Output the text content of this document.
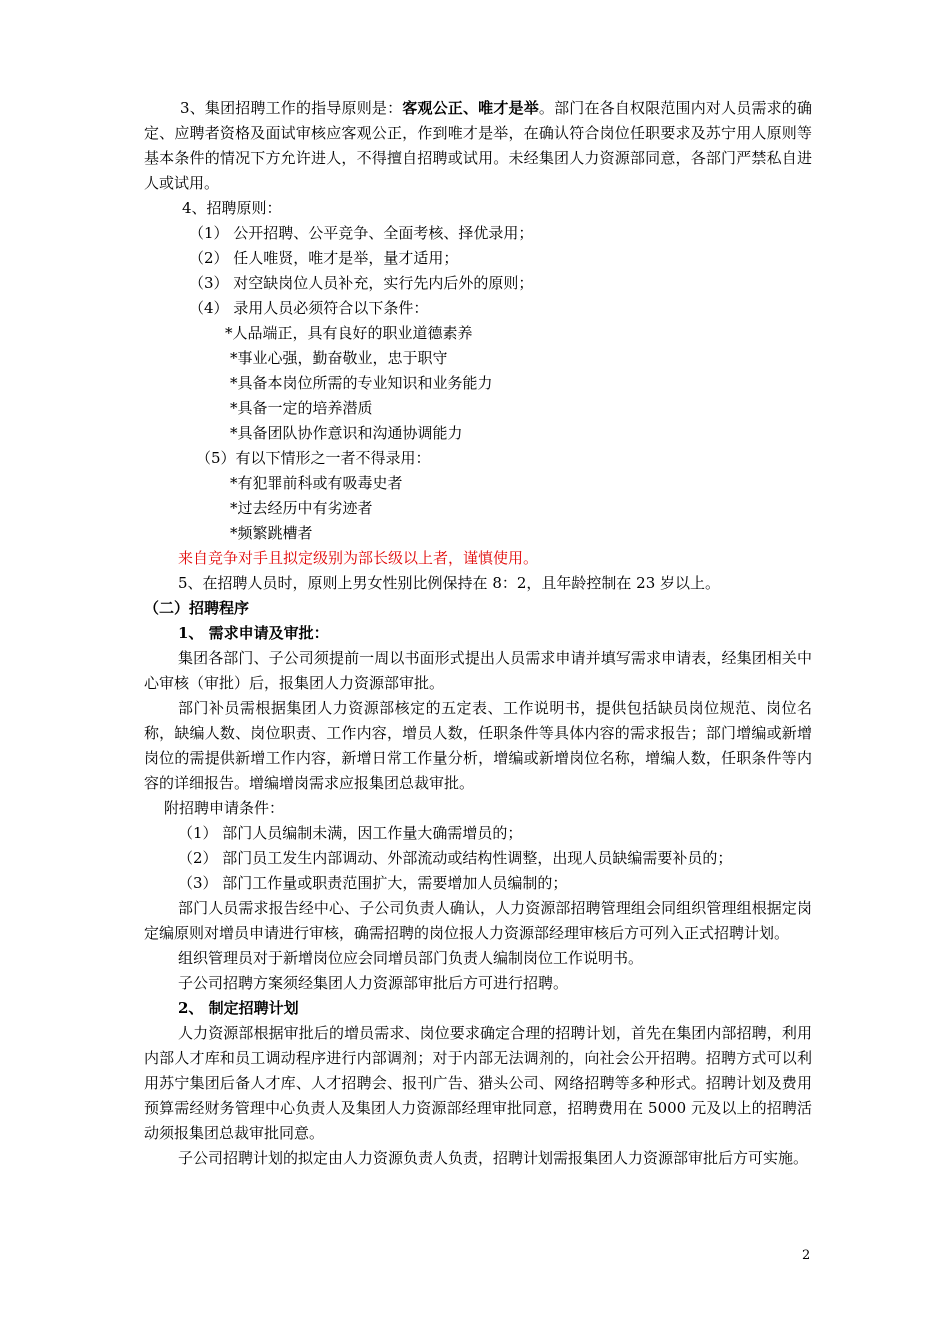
3、集团招聘工作的指导原则是：客观公正、唯才是举。部门在各自权限范围内对人员需求的确定、应聘者资格及面试审核应客观公正，作到唯才是举，在确认符合岗位任职要求及苏宁用人原则等基本条件的情况下方允许进人，不得擅自招聘或试用。未经集团人力资源部同意，各部门严禁私自进人或试用。
4、招聘原则：
（1） 公开招聘、公平竞争、全面考核、择优录用；
（2） 任人唯贤，唯才是举，量才适用；
（3） 对空缺岗位人员补充，实行先内后外的原则；
（4） 录用人员必须符合以下条件：
*人品端正，具有良好的职业道德素养
*事业心强，勤奋敬业，忠于职守
*具备本岗位所需的专业知识和业务能力
*具备一定的培养潜质
*具备团队协作意识和沟通协调能力
（5）有以下情形之一者不得录用：
*有犯罪前科或有吸毒史者
*过去经历中有劣迹者
*频繁跳槽者
来自竞争对手且拟定级别为部长级以上者，谨慎使用。
5、在招聘人员时，原则上男女性别比例保持在 8：2，且年龄控制在 23 岁以上。
（二）招聘程序
1、 需求申请及审批：
集团各部门、子公司须提前一周以书面形式提出人员需求申请并填写需求申请表，经集团相关中心审核（审批）后，报集团人力资源部审批。
部门补员需根据集团人力资源部核定的五定表、工作说明书，提供包括缺员岗位规范、岗位名称，缺编人数、岗位职责、工作内容，增员人数，任职条件等具体内容的需求报告；部门增编或新增岗位的需提供新增工作内容，新增日常工作量分析，增编或新增岗位名称，增编人数，任职条件等内容的详细报告。增编增岗需求应报集团总裁审批。
附招聘申请条件：
（1） 部门人员编制未满，因工作量大确需增员的；
（2） 部门员工发生内部调动、外部流动或结构性调整，出现人员缺编需要补员的；
（3） 部门工作量或职责范围扩大，需要增加人员编制的；
部门人员需求报告经中心、子公司负责人确认，人力资源部招聘管理组会同组织管理组根据定岗定编原则对增员申请进行审核，确需招聘的岗位报人力资源部经理审核后方可列入正式招聘计划。
组织管理员对于新增岗位应会同增员部门负责人编制岗位工作说明书。
子公司招聘方案须经集团人力资源部审批后方可进行招聘。
2、 制定招聘计划
人力资源部根据审批后的增员需求、岗位要求确定合理的招聘计划，首先在集团内部招聘，利用内部人才库和员工调动程序进行内部调剂；对于内部无法调剂的，向社会公开招聘。招聘方式可以利用苏宁集团后备人才库、人才招聘会、报刊广告、猎头公司、网络招聘等多种形式。招聘计划及费用预算需经财务管理中心负责人及集团人力资源部经理审批同意，招聘费用在 5000 元及以上的招聘活动须报集团总裁审批同意。
子公司招聘计划的拟定由人力资源负责人负责，招聘计划需报集团人力资源部审批后方可实施。
2
